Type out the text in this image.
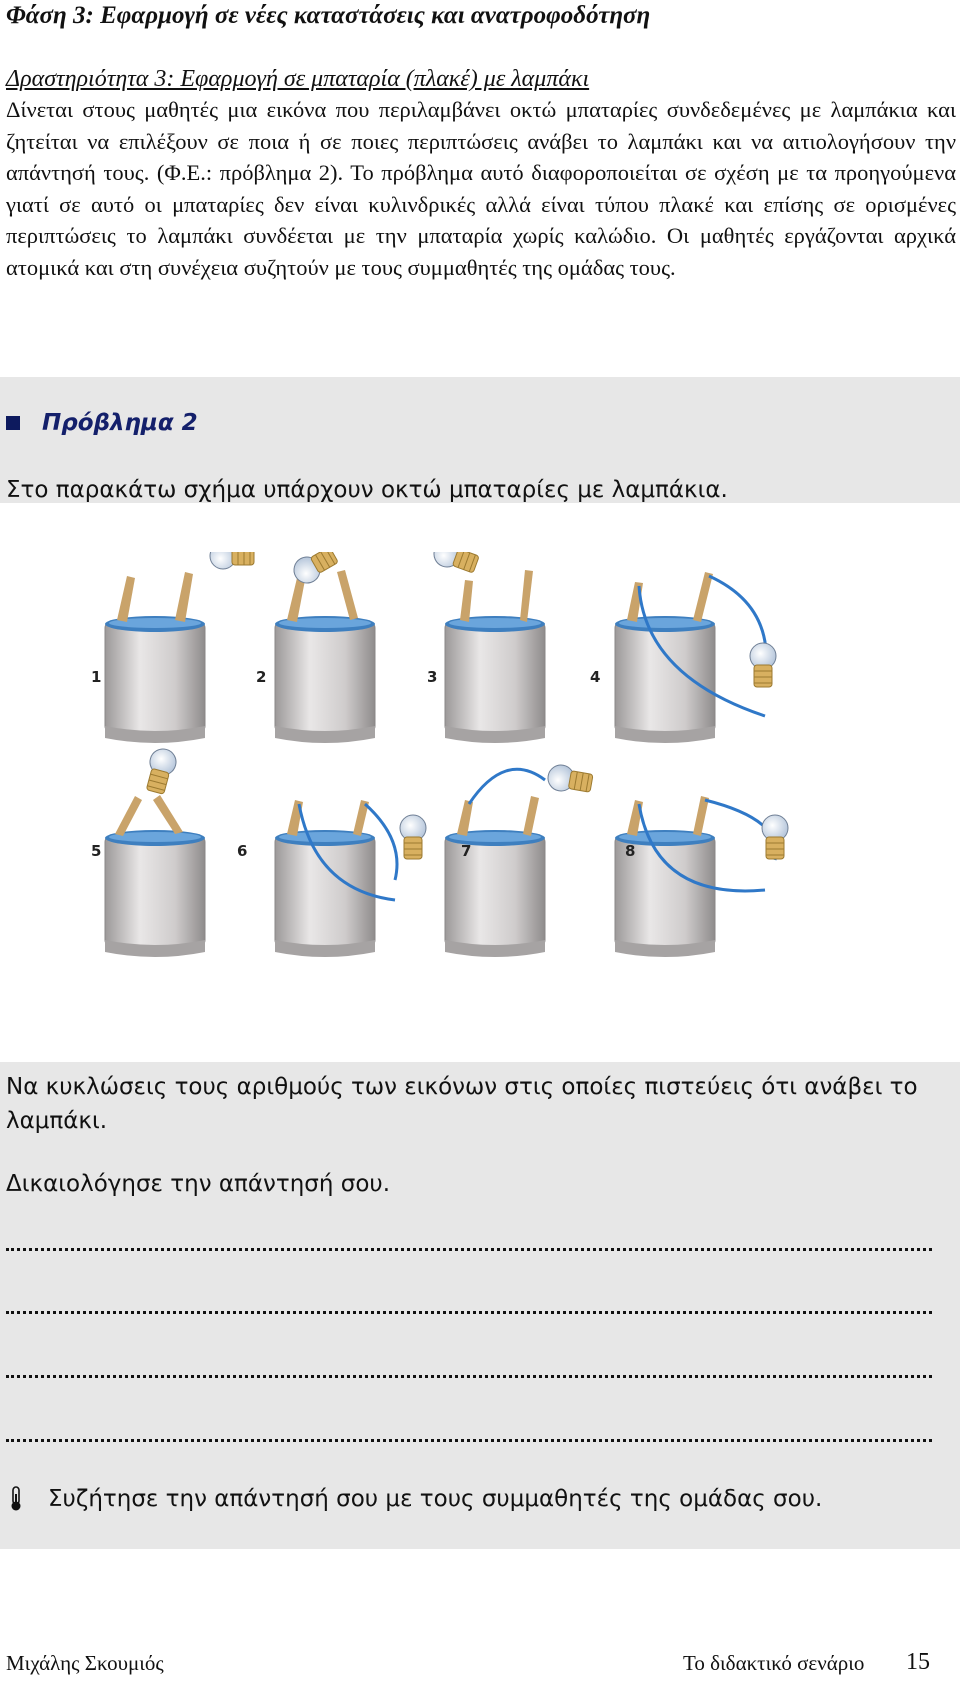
Φάση 3: Εφαρμογή σε νέες καταστάσεις και ανατροφοδότηση
Δραστηριότητα 3: Εφαρμογή σε μπαταρία (πλακέ) με λαμπάκι

Δίνεται στους μαθητές μια εικόνα που περιλαμβάνει οκτώ μπαταρίες συνδεδεμένες με λαμπάκια και ζητείται να επιλέξουν σε ποια ή σε ποιες περιπτώσεις ανάβει το λαμπάκι και να αιτιολογήσουν την απάντησή τους. (Φ.Ε.: πρόβλημα 2). Το πρόβλημα αυτό διαφοροποιείται σε σχέση με τα προηγούμενα γιατί σε αυτό οι μπαταρίες δεν είναι κυλινδρικές αλλά είναι τύπου πλακέ και επίσης σε ορισμένες περιπτώσεις το λαμπάκι συνδέεται με την μπαταρία χωρίς καλώδιο. Οι μαθητές εργάζονται αρχικά ατομικά και στη συνέχεια συζητούν με τους συμμαθητές της ομάδας τους.

Πρόβλημα 2
Στο παρακάτω σχήμα υπάρχουν οκτώ μπαταρίες με λαμπάκια.
1	2	3	4
5	6	7	8
Να κυκλώσεις τους αριθμούς των εικόνων στις οποίες πιστεύεις ότι ανάβει το λαμπάκι.
Δικαιολόγησε την απάντησή σου.
Συζήτησε την απάντησή σου με τους συμμαθητές της ομάδας σου.
Μιχάλης Σκουμιός	Το διδακτικό σενάριο 15
